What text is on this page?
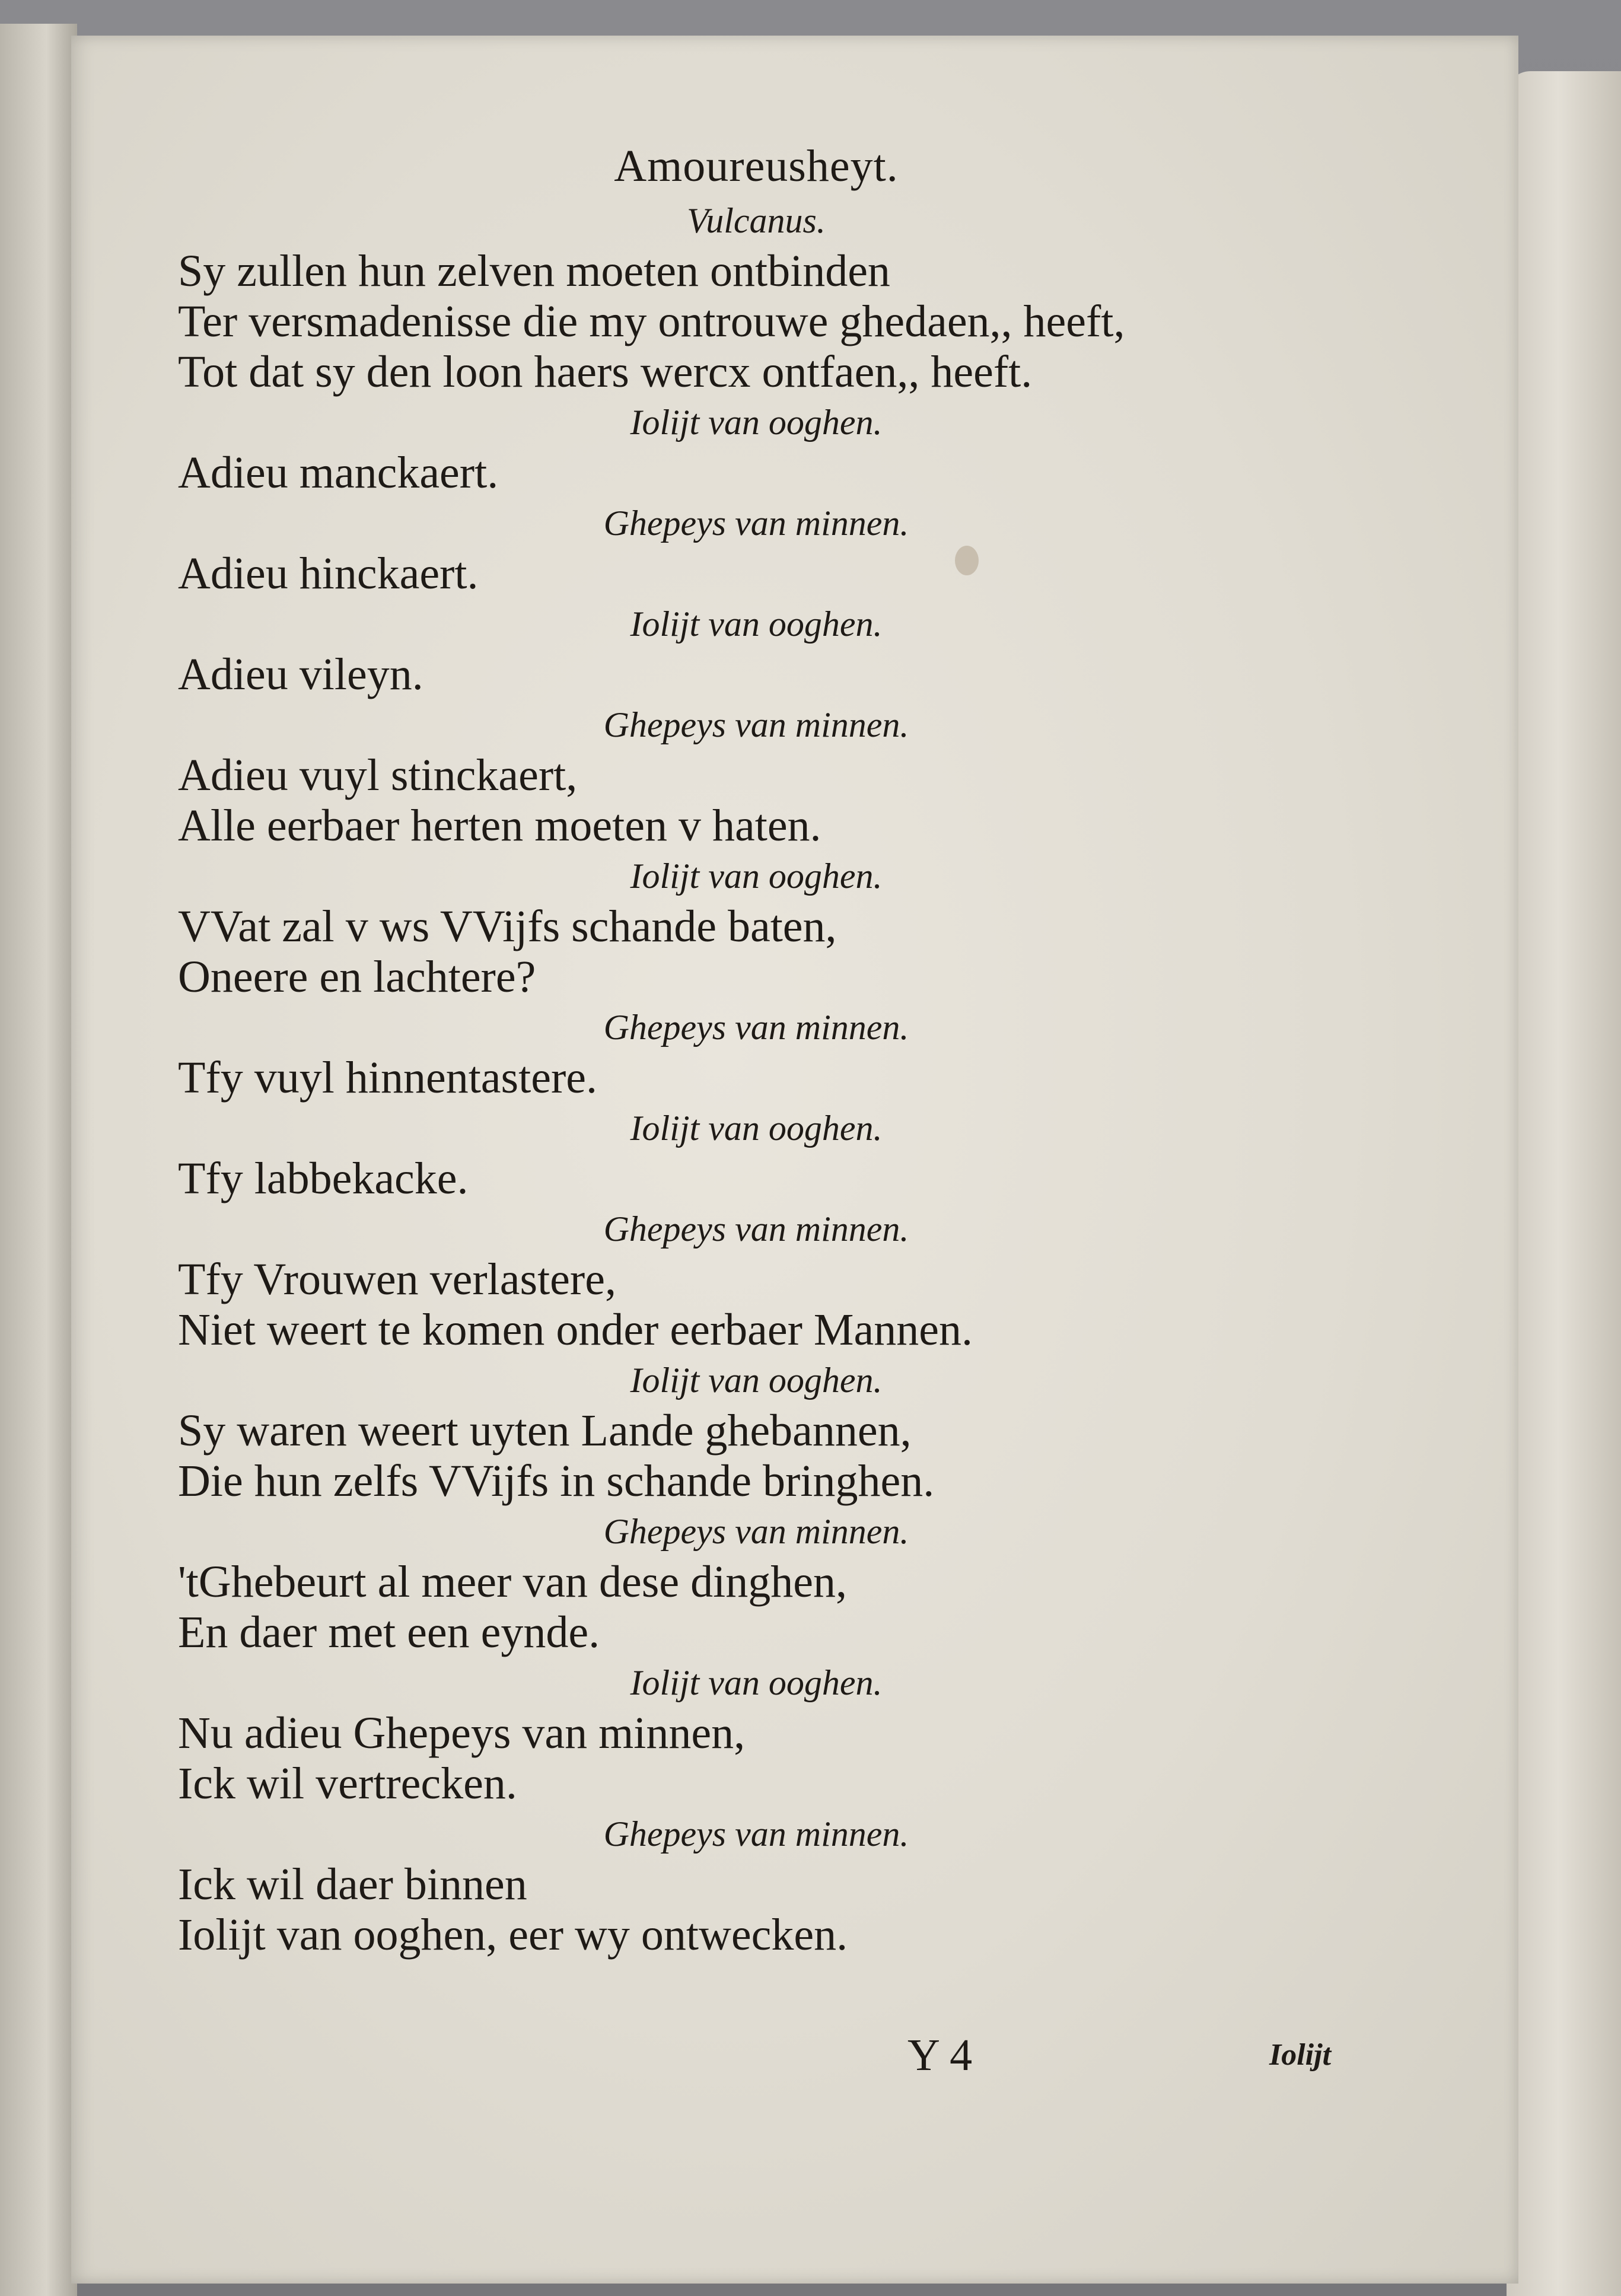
Amoureusheyt.
Vulcanus.
Sy zullen hun zelven moeten ontbinden
Ter versmadenisse die my ontrouwe ghedaen,, heeft,
Tot dat sy den loon haers wercx ontfaen,, heeft.
Iolijt van ooghen.
Adieu manckaert.
Ghepeys van minnen.
Adieu hinckaert.
Iolijt van ooghen.
Adieu vileyn.
Ghepeys van minnen.
Adieu vuyl stinckaert,
Alle eerbaer herten moeten v haten.
Iolijt van ooghen.
VVat zal v ws VVijfs schande baten,
Oneere en lachtere?
Ghepeys van minnen.
Tfy vuyl hinnentastere.
Iolijt van ooghen.
Tfy labbekacke.
Ghepeys van minnen.
Tfy Vrouwen verlastere,
Niet weert te komen onder eerbaer Mannen.
Iolijt van ooghen.
Sy waren weert uyten Lande ghebannen,
Die hun zelfs VVijfs in schande bringhen.
Ghepeys van minnen.
'tGhebeurt al meer van dese dinghen,
En daer met een eynde.
Iolijt van ooghen.
Nu adieu Ghepeys van minnen,
Ick wil vertrecken.
Ghepeys van minnen.
Ick wil daer binnen
Iolijt van ooghen, eer wy ontwecken.
Y 4	Iolijt
